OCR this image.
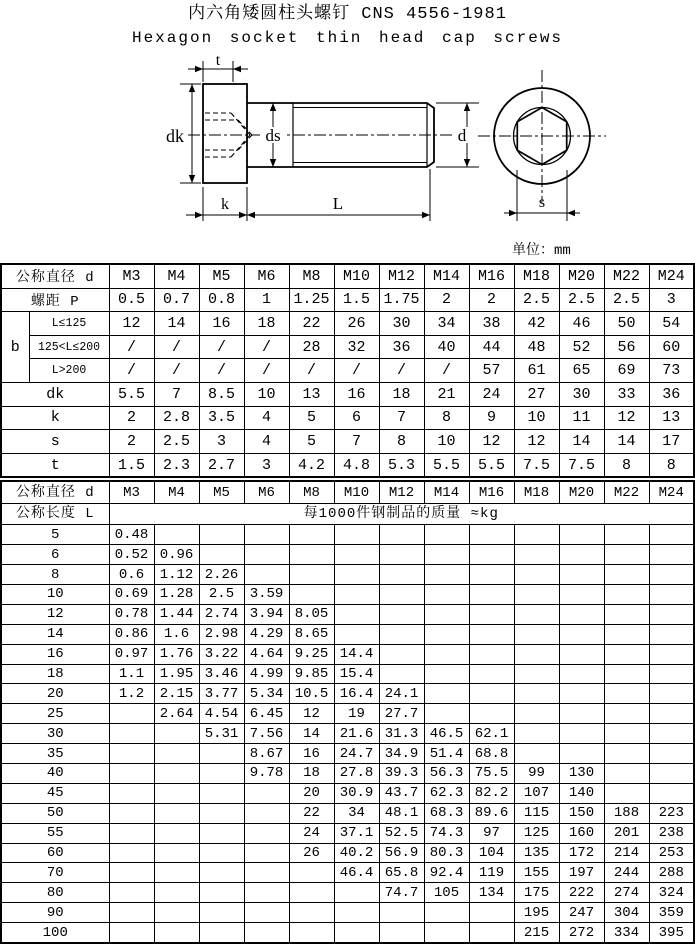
内六角矮圆柱头螺钉 CNS 4556-1981
Hexagon socket thin head cap screws
t
dk	ds	d
k	L	s
单位：mm
公称直径 d		M3	M4	M5	M6	M8	M10	M12	M14	M16	M18	M20	M22	M24
螺距 P		0.5	0.7	0.8	1	1.25	1.5	1.75	2	2	2.5	2.5	2.5	3
b	L≤125	12	14	16	18	22	26	30	34	38	42	46	50	54
	125<L≤200	/	/	/	/	28	32	36	40	44	48	52	56	60
	L>200	/	/	/	/	/	/	/	/	57	61	65	69	73
dk		5.5	7	8.5	10	13	16	18	21	24	27	30	33	36
k		2	2.8	3.5	4	5	6	7	8	9	10	11	12	13
s		2	2.5	3	4	5	7	8	10	12	12	14	14	17
t		1.5	2.3	2.7	3	4.2	4.8	5.3	5.5	5.5	7.5	7.5	8	8
公称直径 d	M3	M4	M5	M6	M8	M10	M12	M14	M16	M18	M20	M22	M24
公称长度 L	每1000件钢制品的质量 ≈kg												
5	0.48												
6	0.52	0.96											
8	0.6	1.12	2.26										
10	0.69	1.28	2.5	3.59									
12	0.78	1.44	2.74	3.94	8.05								
14	0.86	1.6	2.98	4.29	8.65								
16	0.97	1.76	3.22	4.64	9.25	14.4							
18	1.1	1.95	3.46	4.99	9.85	15.4							
20	1.2	2.15	3.77	5.34	10.5	16.4	24.1						
25		2.64	4.54	6.45	12	19	27.7						
30			5.31	7.56	14	21.6	31.3	46.5	62.1				
35				8.67	16	24.7	34.9	51.4	68.8				
40				9.78	18	27.8	39.3	56.3	75.5	99	130		
45					20	30.9	43.7	62.3	82.2	107	140		
50					22	34	48.1	68.3	89.6	115	150	188	223
55					24	37.1	52.5	74.3	97	125	160	201	238
60					26	40.2	56.9	80.3	104	135	172	214	253
70						46.4	65.8	92.4	119	155	197	244	288
80							74.7	105	134	175	222	274	324
90										195	247	304	359
100										215	272	334	395
